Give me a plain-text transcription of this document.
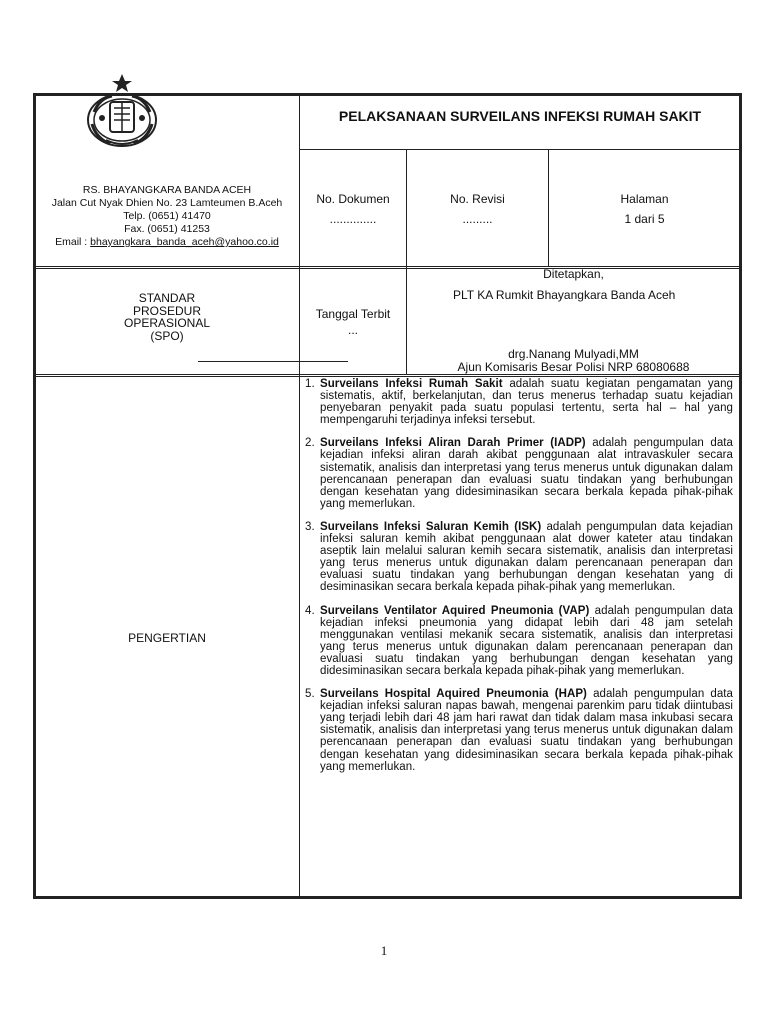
PELAKSANAAN SURVEILANS INFEKSI RUMAH SAKIT
RS. BHAYANGKARA BANDA ACEH
Jalan Cut Nyak Dhien No. 23 Lamteumen B.Aceh
Telp. (0651) 41470
Fax. (0651) 41253
Email : bhayangkara_banda_aceh@yahoo.co.id
No. Dokumen
..............
No. Revisi
.........
Halaman
1 dari 5
STANDAR
PROSEDUR
OPERASIONAL
(SPO)
Tanggal Terbit
...
Ditetapkan,
PLT KA Rumkit Bhayangkara Banda Aceh
drg.Nanang Mulyadi,MM
Ajun Komisaris Besar Polisi NRP 68080688
PENGERTIAN
1. Surveilans Infeksi Rumah Sakit adalah suatu kegiatan pengamatan yang sistematis, aktif, berkelanjutan, dan terus menerus terhadap suatu kejadian penyebaran penyakit pada suatu populasi tertentu, serta hal – hal yang mempengaruhi terjadinya infeksi tersebut.
2. Surveilans Infeksi Aliran Darah Primer (IADP) adalah pengumpulan data kejadian infeksi aliran darah akibat penggunaan alat intravaskuler secara sistematik, analisis dan interpretasi yang terus menerus untuk digunakan dalam perencanaan penerapan dan evaluasi suatu tindakan yang berhubungan dengan kesehatan yang didesiminasikan secara berkala kepada pihak-pihak yang memerlukan.
3. Surveilans Infeksi Saluran Kemih (ISK) adalah pengumpulan data kejadian infeksi saluran kemih akibat penggunaan alat dower kateter atau tindakan aseptik lain melalui saluran kemih secara sistematik, analisis dan interpretasi yang terus menerus untuk digunakan dalam perencanaan penerapan dan evaluasi suatu tindakan yang berhubungan dengan kesehatan yang di desiminasikan secara berkala kepada pihak-pihak yang memerlukan.
4. Surveilans Ventilator Aquired Pneumonia (VAP) adalah pengumpulan data kejadian infeksi pneumonia yang didapat lebih dari 48 jam setelah menggunakan ventilasi mekanik secara sistematik, analisis dan interpretasi yang terus menerus untuk digunakan dalam perencanaan penerapan dan evaluasi suatu tindakan yang berhubungan dengan kesehatan yang didesiminasikan secara berkala kepada pihak-pihak yang memerlukan.
5. Surveilans Hospital Aquired Pneumonia (HAP) adalah pengumpulan data kejadian infeksi saluran napas bawah, mengenai parenkim paru tidak diintubasi yang terjadi lebih dari 48 jam hari rawat dan tidak dalam masa inkubasi secara sistematik, analisis dan interpretasi yang terus menerus untuk digunakan dalam perencanaan penerapan dan evaluasi suatu tindakan yang berhubungan dengan kesehatan yang didesiminasikan secara berkala kepada pihak-pihak yang memerlukan.
1
